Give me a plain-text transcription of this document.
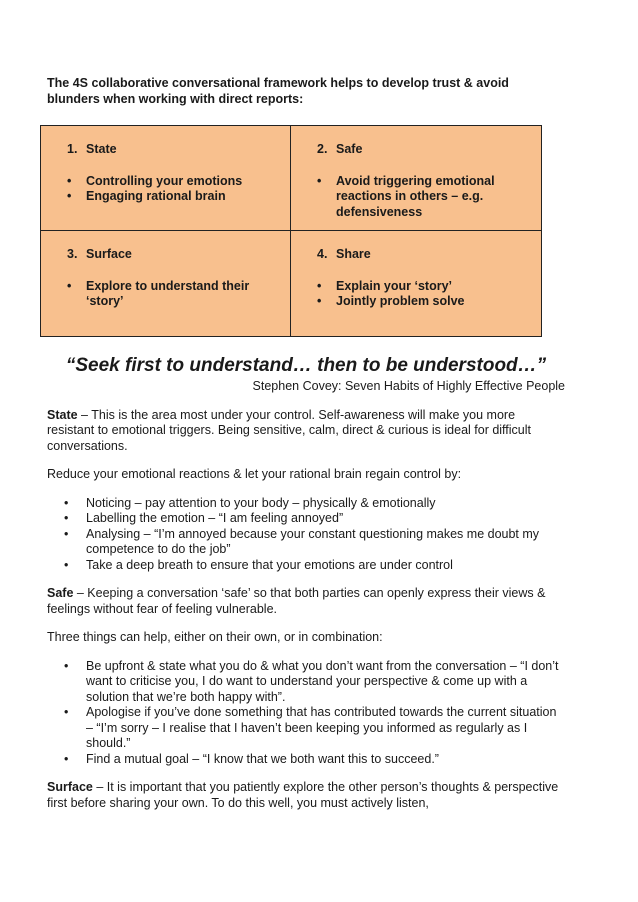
The 4S collaborative conversational framework helps to develop trust & avoid blunders when working with direct reports:

1. State
•	Controlling your emotions
•	Engaging rational brain
2. Safe
•	Avoid triggering emotional reactions in others – e.g. defensiveness
3. Surface
•	Explore to understand their ‘story’
4. Share
•	Explain your ‘story’
•	Jointly problem solve
“Seek first to understand… then to be understood…”
Stephen Covey: Seven Habits of Highly Effective People

State – This is the area most under your control. Self-awareness will make you more resistant to emotional triggers. Being sensitive, calm, direct & curious is ideal for difficult conversations.

Reduce your emotional reactions & let your rational brain regain control by:

•	Noticing – pay attention to your body – physically & emotionally
•	Labelling the emotion – “I am feeling annoyed”
•	Analysing – “I’m annoyed because your constant questioning makes me doubt my competence to do the job”
•	Take a deep breath to ensure that your emotions are under control

Safe – Keeping a conversation ‘safe’ so that both parties can openly express their views & feelings without fear of feeling vulnerable.

Three things can help, either on their own, or in combination:

•	Be upfront & state what you do & what you don’t want from the conversation – “I don’t want to criticise you, I do want to understand your perspective & come up with a solution that we’re both happy with”.
•	Apologise if you’ve done something that has contributed towards the current situation – “I’m sorry – I realise that I haven’t been keeping you informed as regularly as I should.”
•	Find a mutual goal – “I know that we both want this to succeed.”

Surface – It is important that you patiently explore the other person’s thoughts & perspective first before sharing your own. To do this well, you must actively listen,
